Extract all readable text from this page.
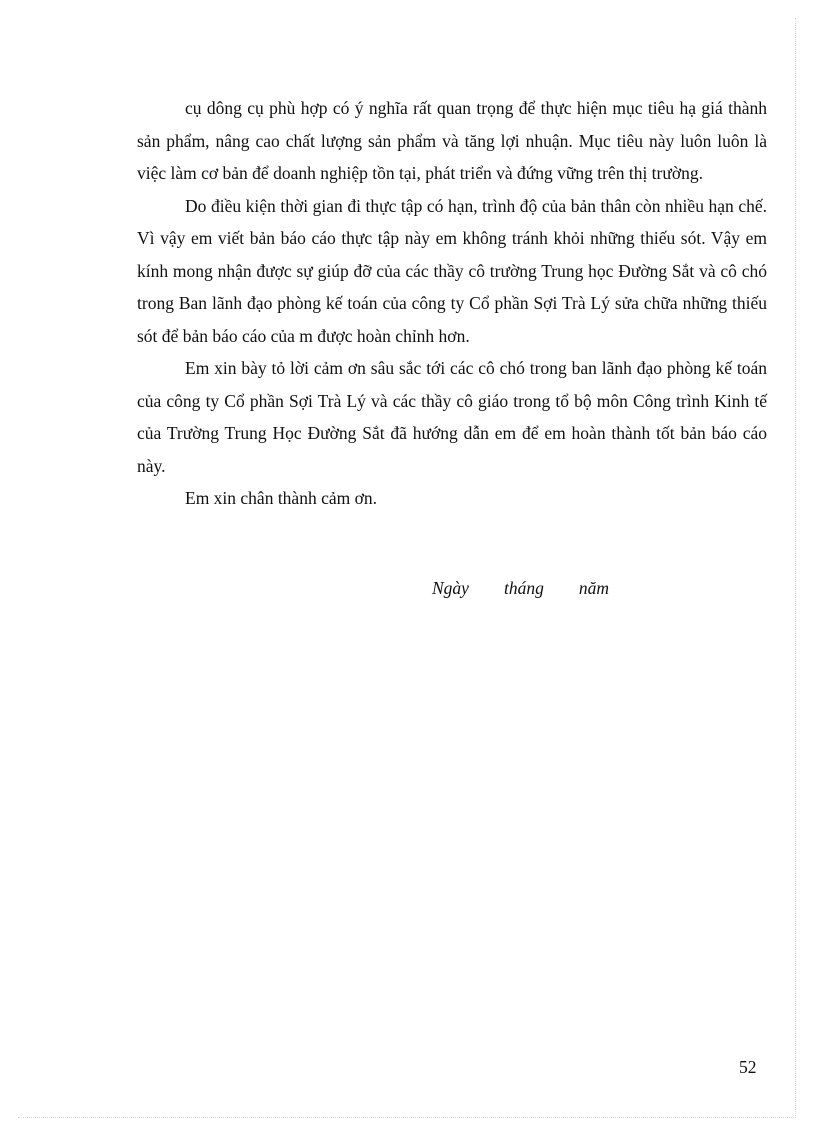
cụ dông cụ phù hợp có ý nghĩa rất quan trọng để thực hiện mục tiêu hạ giá thành sản phẩm, nâng cao chất lượng sản phẩm và tăng lợi nhuận. Mục tiêu này luôn luôn là việc làm cơ bản để doanh nghiệp tồn tại, phát triển và đứng vững trên thị trường.

Do điều kiện thời gian đi thực tập có hạn, trình độ của bản thân còn nhiều hạn chế. Vì vậy em viết bản báo cáo thực tập này em không tránh khỏi những thiếu sót. Vậy em kính mong nhận được sự giúp đỡ của các thầy cô trường Trung học Đường Sắt và cô chó trong Ban lãnh đạo phòng kế toán của công ty Cổ phần Sợi Trà Lý sửa chữa những thiếu sót để bản báo cáo của m được hoàn chỉnh hơn.

Em xin bày tỏ lời cảm ơn sâu sắc tới các cô chó trong ban lãnh đạo phòng kế toán của công ty Cổ phần Sợi Trà Lý và các thầy cô giáo trong tổ bộ môn Công trình Kinh tế của Trường Trung Học Đường Sắt đã hướng dẫn em để em hoàn thành tốt bản báo cáo này.

Em xin chân thành cảm ơn.

Ngày tháng năm
52
